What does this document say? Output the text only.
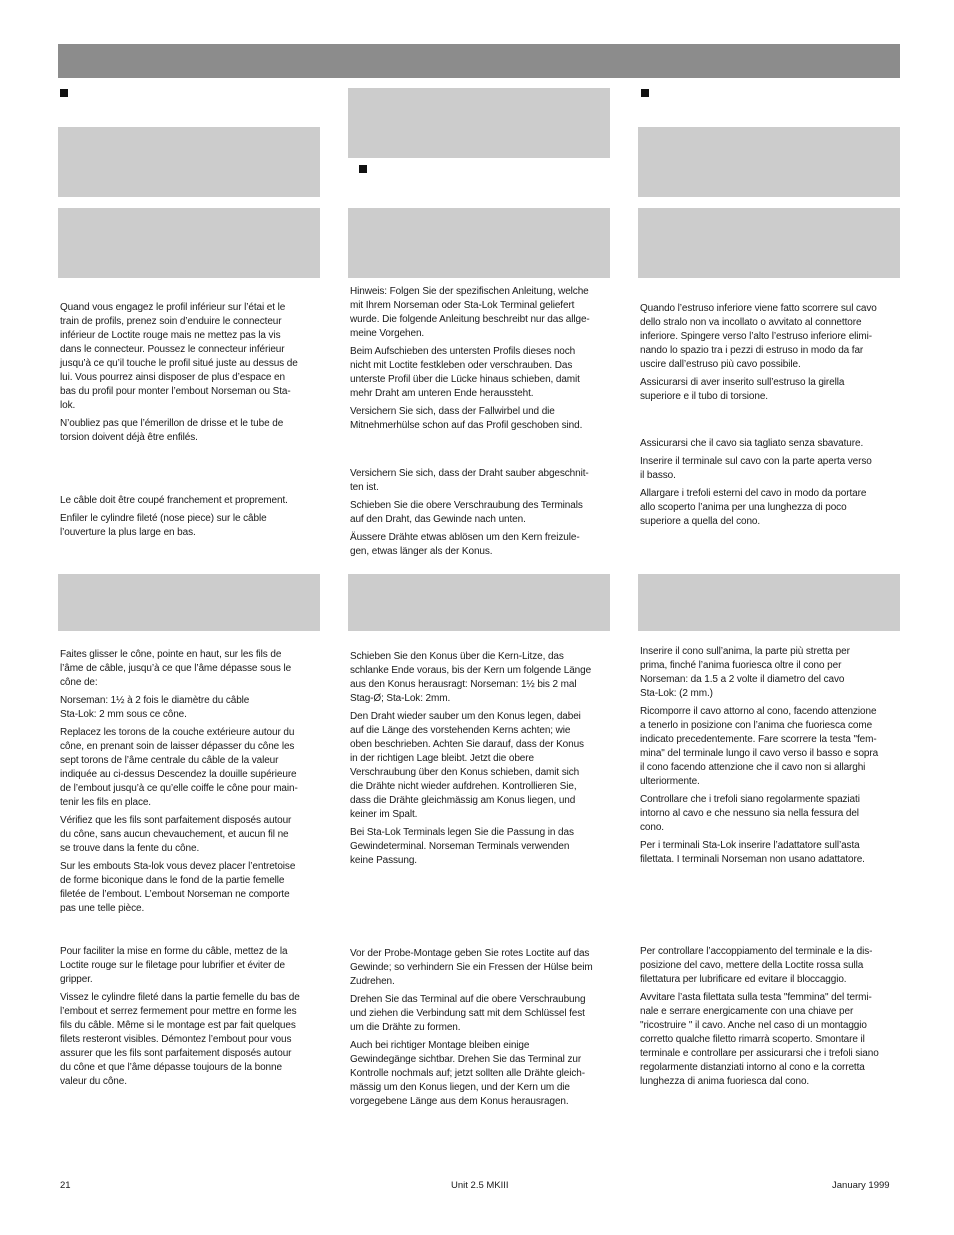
Quand vous engagez le profil inférieur sur l’étai et le
train de profils, prenez soin d’enduire le connecteur
inférieur de Loctite rouge mais ne mettez pas la vis
dans le connecteur. Poussez le connecteur inférieur
jusqu’à ce qu’il touche le profil situé juste au dessus de
lui. Vous pourrez ainsi disposer de plus d’espace en
bas du profil pour monter l’embout Norseman ou Sta-
lok.

N’oubliez pas que l’émerillon de drisse et le tube de
torsion doivent déjà être enfilés.

Le câble doit être coupé franchement et proprement.

Enfiler le cylindre fileté (nose piece) sur le câble
l’ouverture la plus large en bas.

Faites glisser le cône, pointe en haut, sur les fils de
l’âme de câble, jusqu’à ce que l’âme dépasse sous le
cône de:

Norseman: 1½ à 2 fois le diamètre du câble
Sta-Lok: 2 mm sous ce cône.

Replacez les torons de la couche extérieure autour du
cône, en prenant soin de laisser dépasser du cône les
sept torons de l’âme centrale du câble de la valeur
indiquée au ci-dessus Descendez la douille supérieure
de l’embout jusqu’à ce qu’elle coiffe le cône pour main-
tenir les fils en place.

Vérifiez que les fils sont parfaitement disposés autour
du cône, sans aucun chevauchement, et aucun fil ne
se trouve dans la fente du cône.

Sur les embouts Sta-lok vous devez placer l’entretoise
de forme biconique dans le fond de la partie femelle
filetée de l’embout. L’embout Norseman ne comporte
pas une telle pièce.

Pour faciliter la mise en forme du câble, mettez de la
Loctite rouge sur le filetage pour lubrifier et éviter de
gripper.

Vissez le cylindre fileté dans la partie femelle du bas de
l’embout et serrez fermement pour mettre en forme les
fils du câble. Même si le montage est par fait quelques
filets resteront visibles. Démontez l’embout pour vous
assurer que les fils sont parfaitement disposés autour
du cône et que l’âme dépasse toujours de la bonne
valeur du cône.

Hinweis: Folgen Sie der spezifischen Anleitung, welche
mit Ihrem Norseman oder Sta-Lok Terminal geliefert
wurde. Die folgende Anleitung beschreibt nur das allge-
meine Vorgehen.

Beim Aufschieben des untersten Profils dieses noch
nicht mit Loctite festkleben oder verschrauben. Das
unterste Profil über die Lücke hinaus schieben, damit
mehr Draht am unteren Ende heraussteht.

Versichern Sie sich, dass der Fallwirbel und die
Mitnehmerhülse schon auf das Profil geschoben sind.

Versichern Sie sich, dass der Draht sauber abgeschnit-
ten ist.

Schieben Sie die obere Verschraubung des Terminals
auf den Draht, das Gewinde nach unten.

Äussere Drähte etwas ablösen um den Kern freizule-
gen, etwas länger als der Konus.

Schieben Sie den Konus über die Kern-Litze, das
schlanke Ende voraus, bis der Kern um folgende Länge
aus den Konus herausragt: Norseman: 1½ bis 2 mal
Stag-Ø; Sta-Lok: 2mm.

Den Draht wieder sauber um den Konus legen, dabei
auf die Länge des vorstehenden Kerns achten; wie
oben beschrieben. Achten Sie darauf, dass der Konus
in der richtigen Lage bleibt. Jetzt die obere
Verschraubung über den Konus schieben, damit sich
die Drähte nicht wieder aufdrehen. Kontrollieren Sie,
dass die Drähte gleichmässig am Konus liegen, und
keiner im Spalt.

Bei Sta-Lok Terminals legen Sie die Passung in das
Gewindeterminal. Norseman Terminals verwenden
keine Passung.

Vor der Probe-Montage geben Sie rotes Loctite auf das
Gewinde; so verhindern Sie ein Fressen der Hülse beim
Zudrehen.

Drehen Sie das Terminal auf die obere Verschraubung
und ziehen die Verbindung satt mit dem Schlüssel fest
um die Drähte zu formen.

Auch bei richtiger Montage bleiben einige
Gewindegänge sichtbar. Drehen Sie das Terminal zur
Kontrolle nochmals auf; jetzt sollten alle Drähte gleich-
mässig um den Konus liegen, und der Kern um die
vorgegebene Länge aus dem Konus herausragen.

Quando l’estruso inferiore viene fatto scorrere sul cavo
dello stralo non va incollato o avvitato al connettore
inferiore. Spingere verso l’alto l’estruso inferiore elimi-
nando lo spazio tra i pezzi di estruso in modo da far
uscire dall’estruso più cavo possibile.

Assicurarsi di aver inserito sull’estruso la girella
superiore e il tubo di torsione.

Assicurarsi che il cavo sia tagliato senza sbavature.

Inserire il terminale sul cavo con la parte aperta verso
il basso.

Allargare i trefoli esterni del cavo in modo da portare
allo scoperto l’anima per una lunghezza di poco
superiore a quella del cono.

Inserire il cono sull’anima, la parte più stretta per
prima, finché l’anima fuoriesca oltre il cono per
Norseman: da 1.5 a 2 volte il diametro del cavo
Sta-Lok: (2 mm.)

Ricomporre il cavo attorno al cono, facendo attenzione
a tenerlo in posizione con l’anima che fuoriesca come
indicato precedentemente. Fare scorrere la testa "fem-
mina" del terminale lungo il cavo verso il basso e sopra
il cono facendo attenzione che il cavo non si allarghi
ulteriormente.

Controllare che i trefoli siano regolarmente spaziati
intorno al cavo e che nessuno sia nella fessura del
cono.

Per i terminali Sta-Lok inserire l’adattatore sull’asta
filettata. I terminali Norseman non usano adattatore.

Per controllare l’accoppiamento del terminale e la dis-
posizione del cavo, mettere della Loctite rossa sulla
filettatura per lubrificare ed evitare il bloccaggio.

Avvitare l’asta filettata sulla testa "femmina" del termi-
nale e serrare energicamente con una chiave per
"ricostruire " il cavo. Anche nel caso di un montaggio
corretto qualche filetto rimarrà scoperto. Smontare il
terminale e controllare per assicurarsi che i trefoli siano
regolarmente distanziati intorno al cono e la corretta
lunghezza di anima fuoriesca dal cono.

21	Unit 2.5 MKIII	January 1999
